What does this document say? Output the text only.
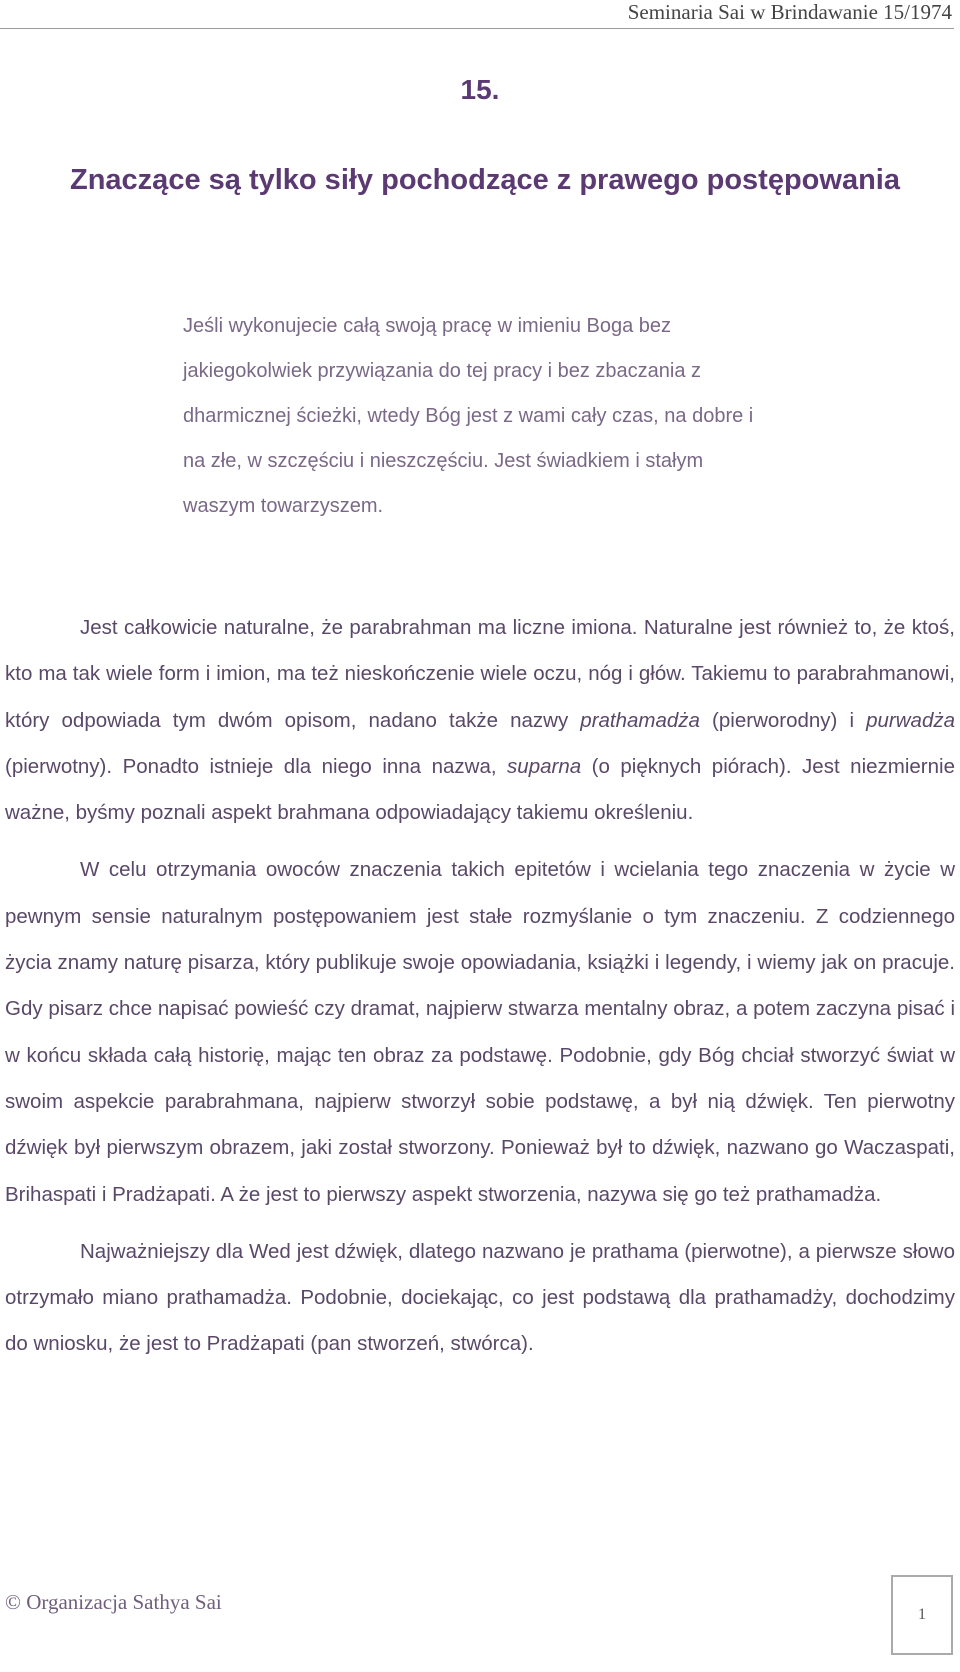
Seminaria Sai w Brindawanie 15/1974
15.
Znaczące są tylko siły pochodzące z prawego postępowania
Jeśli wykonujecie całą swoją pracę w imieniu Boga bez jakiegokolwiek przywiązania do tej pracy i bez zbaczania z dharmicznej ścieżki, wtedy Bóg jest z wami cały czas, na dobre i na złe, w szczęściu i nieszczęściu. Jest świadkiem i stałym waszym towarzyszem.

Jest całkowicie naturalne, że parabrahman ma liczne imiona. Naturalne jest również to, że ktoś, kto ma tak wiele form i imion, ma też nieskończenie wiele oczu, nóg i głów. Takiemu to parabrahmanowi, który odpowiada tym dwóm opisom, nadano także nazwy prathamadża (pierworodny) i purwadża (pierwotny). Ponadto istnieje dla niego inna nazwa, suparna (o pięknych piórach). Jest niezmiernie ważne, byśmy poznali aspekt brahmana odpowiadający takiemu określeniu.

W celu otrzymania owoców znaczenia takich epitetów i wcielania tego znaczenia w życie w pewnym sensie naturalnym postępowaniem jest stałe rozmyślanie o tym znaczeniu. Z codziennego życia znamy naturę pisarza, który publikuje swoje opowiadania, książki i legendy, i wiemy jak on pracuje. Gdy pisarz chce napisać powieść czy dramat, najpierw stwarza mentalny obraz, a potem zaczyna pisać i w końcu składa całą historię, mając ten obraz za podstawę. Podobnie, gdy Bóg chciał stworzyć świat w swoim aspekcie parabrahmana, najpierw stworzył sobie podstawę, a był nią dźwięk. Ten pierwotny dźwięk był pierwszym obrazem, jaki został stworzony. Ponieważ był to dźwięk, nazwano go Waczaspati, Brihaspati i Pradżapati. A że jest to pierwszy aspekt stworzenia, nazywa się go też prathamadża.

Najważniejszy dla Wed jest dźwięk, dlatego nazwano je prathama (pierwotne), a pierwsze słowo otrzymało miano prathamadża. Podobnie, dociekając, co jest podstawą dla prathamadży, dochodzimy do wniosku, że jest to Pradżapati (pan stworzeń, stwórca).

© Organizacja Sathya Sai
1
